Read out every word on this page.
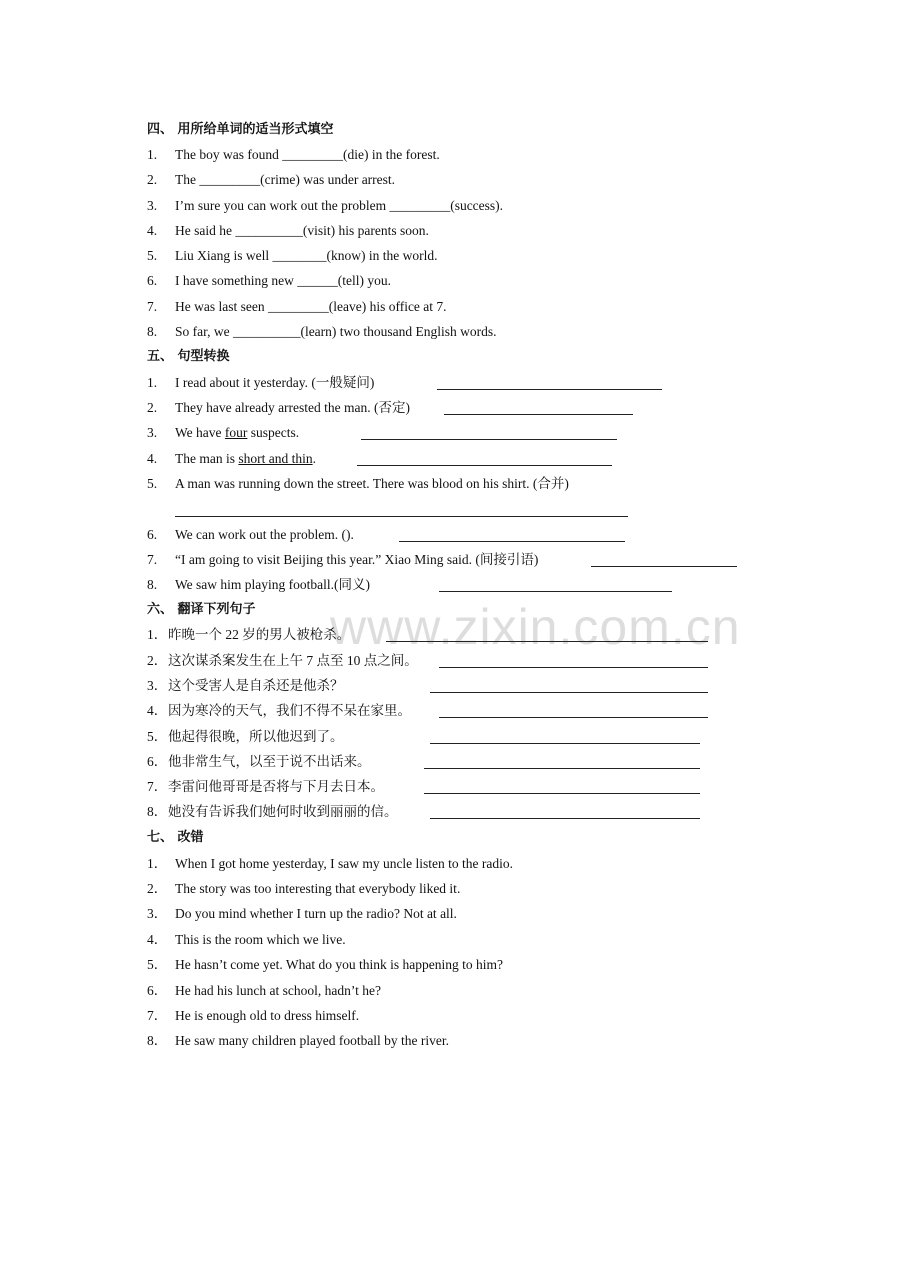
www.zixin.com.cn
四、 用所给单词的适当形式填空
1. The boy was found _________(die) in the forest.
2. The _________(crime) was under arrest.
3. I’m sure you can work out the problem _________(success).
4. He said he __________(visit) his parents soon.
5. Liu Xiang is well ________(know) in the world.
6. I have something new ______(tell) you.
7. He was last seen _________(leave) his office at 7.
8. So far, we __________(learn) two thousand English words.
五、 句型转换
1. I read about it yesterday. (一般疑问)
2. They have already arrested the man. (否定)
3. We have four suspects.
4. The man is short and thin.
5. A man was running down the street. There was blood on his shirt. (合并)
6. We can work out the problem. ().
7. “I am going to visit Beijing this year.” Xiao Ming said. (间接引语)
8. We saw him playing football.(同义)
六、 翻译下列句子
1． 昨晚一个 22 岁的男人被枪杀。
2． 这次谋杀案发生在上午 7 点至 10 点之间。
3． 这个受害人是自杀还是他杀？
4． 因为寒冷的天气，我们不得不呆在家里。
5． 他起得很晚，所以他迟到了。
6． 他非常生气，以至于说不出话来。
7． 李雷问他哥哥是否将与下月去日本。
8． 她没有告诉我们她何时收到丽丽的信。
七、 改错
1． When I got home yesterday, I saw my uncle listen to the radio.
2． The story was too interesting that everybody liked it.
3． Do you mind whether I turn up the radio? Not at all.
4． This is the room which we live.
5． He hasn’t come yet. What do you think is happening to him?
6． He had his lunch at school, hadn’t he?
7． He is enough old to dress himself.
8． He saw many children played football by the river.
